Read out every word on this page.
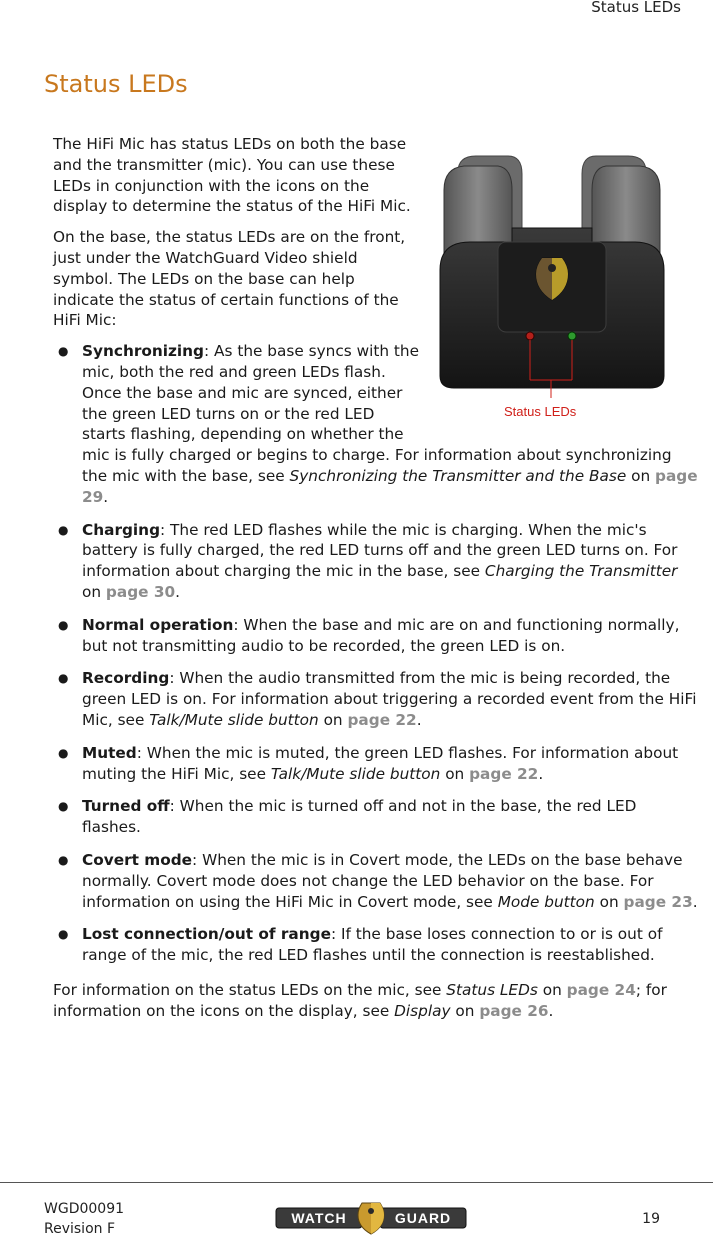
Status LEDs
Status LEDs
Status LEDs

The HiFi Mic has status LEDs on both the base and the transmitter (mic). You can use these LEDs in conjunction with the icons on the display to determine the status of the HiFi Mic.

On the base, the status LEDs are on the front, just under the WatchGuard Video shield symbol. The LEDs on the base can help indicate the status of certain functions of the HiFi Mic:

● Synchronizing: As the base syncs with the mic, both the red and green LEDs flash. Once the base and mic are synced, either the green LED turns on or the red LED starts flashing, depending on whether the mic is fully charged or begins to charge. For information about synchronizing the mic with the base, see Synchronizing the Transmitter and the Base on page 29.
● Charging: The red LED flashes while the mic is charging. When the mic's battery is fully charged, the red LED turns off and the green LED turns on. For information about charging the mic in the base, see Charging the Transmitter on page 30.
● Normal operation: When the base and mic are on and functioning normally, but not transmitting audio to be recorded, the green LED is on.
● Recording: When the audio transmitted from the mic is being recorded, the green LED is on. For information about triggering a recorded event from the HiFi Mic, see Talk/Mute slide button on page 22.
● Muted: When the mic is muted, the green LED flashes. For information about muting the HiFi Mic, see Talk/Mute slide button on page 22.
● Turned off: When the mic is turned off and not in the base, the red LED flashes.
● Covert mode: When the mic is in Covert mode, the LEDs on the base behave normally. Covert mode does not change the LED behavior on the base. For information on using the HiFi Mic in Covert mode, see Mode button on page 23.
● Lost connection/out of range: If the base loses connection to or is out of range of the mic, the red LED flashes until the connection is reestablished.

For information on the status LEDs on the mic, see Status LEDs on page 24; for information on the icons on the display, see Display on page 26.

WGD00091
Revision F
WATCH	GUARD	19
